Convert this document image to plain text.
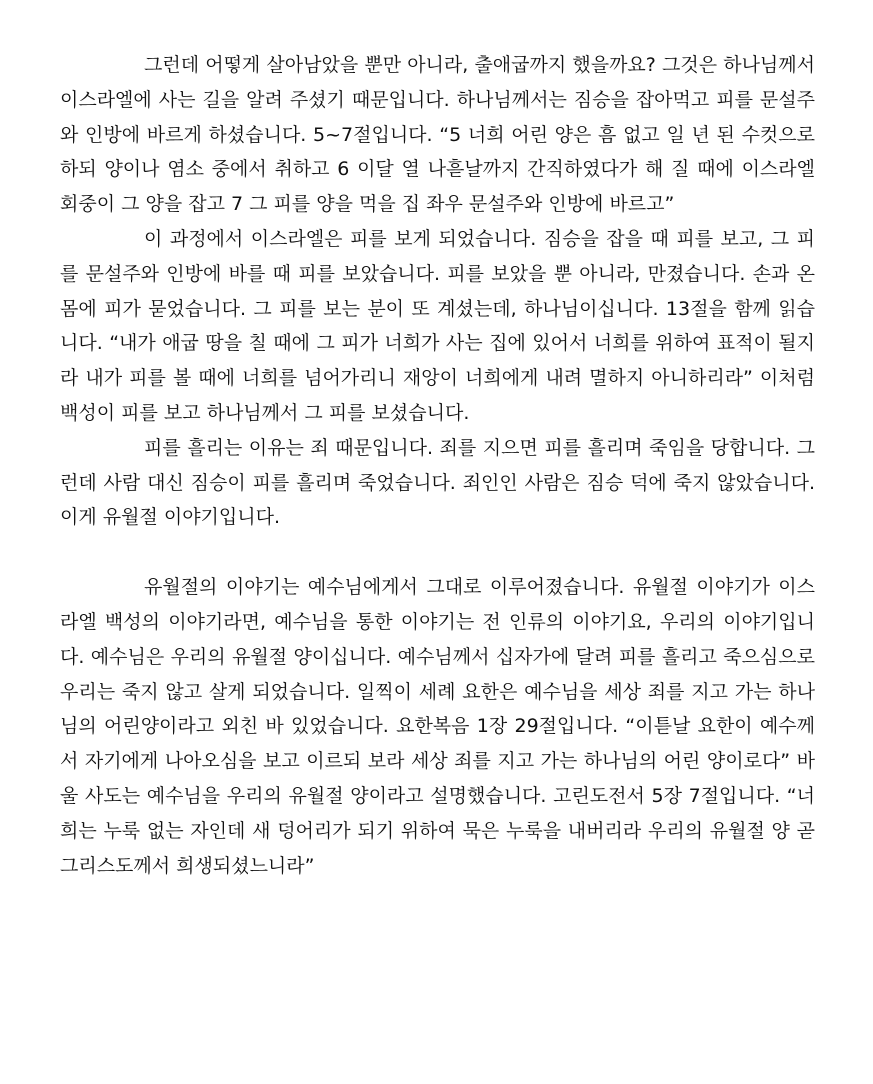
그런데 어떻게 살아남았을 뿐만 아니라, 출애굽까지 했을까요? 그것은 하나님께서 이스라엘에 사는 길을 알려 주셨기 때문입니다. 하나님께서는 짐승을 잡아먹고 피를 문설주와 인방에 바르게 하셨습니다. 5~7절입니다. “5 너희 어린 양은 흠 없고 일 년 된 수컷으로 하되 양이나 염소 중에서 취하고 6 이달 열 나흗날까지 간직하였다가 해 질 때에 이스라엘 회중이 그 양을 잡고 7 그 피를 양을 먹을 집 좌우 문설주와 인방에 바르고”

이 과정에서 이스라엘은 피를 보게 되었습니다. 짐승을 잡을 때 피를 보고, 그 피를 문설주와 인방에 바를 때 피를 보았습니다. 피를 보았을 뿐 아니라, 만졌습니다. 손과 온몸에 피가 묻었습니다. 그 피를 보는 분이 또 계셨는데, 하나님이십니다. 13절을 함께 읽습니다. “내가 애굽 땅을 칠 때에 그 피가 너희가 사는 집에 있어서 너희를 위하여 표적이 될지라 내가 피를 볼 때에 너희를 넘어가리니 재앙이 너희에게 내려 멸하지 아니하리라” 이처럼 백성이 피를 보고 하나님께서 그 피를 보셨습니다.

피를 흘리는 이유는 죄 때문입니다. 죄를 지으면 피를 흘리며 죽임을 당합니다. 그런데 사람 대신 짐승이 피를 흘리며 죽었습니다. 죄인인 사람은 짐승 덕에 죽지 않았습니다. 이게 유월절 이야기입니다.

유월절의 이야기는 예수님에게서 그대로 이루어졌습니다. 유월절 이야기가 이스라엘 백성의 이야기라면, 예수님을 통한 이야기는 전 인류의 이야기요, 우리의 이야기입니다. 예수님은 우리의 유월절 양이십니다. 예수님께서 십자가에 달려 피를 흘리고 죽으심으로 우리는 죽지 않고 살게 되었습니다. 일찍이 세례 요한은 예수님을 세상 죄를 지고 가는 하나님의 어린양이라고 외친 바 있었습니다. 요한복음 1장 29절입니다. “이튿날 요한이 예수께서 자기에게 나아오심을 보고 이르되 보라 세상 죄를 지고 가는 하나님의 어린 양이로다” 바울 사도는 예수님을 우리의 유월절 양이라고 설명했습니다. 고린도전서 5장 7절입니다. “너희는 누룩 없는 자인데 새 덩어리가 되기 위하여 묵은 누룩을 내버리라 우리의 유월절 양 곧 그리스도께서 희생되셨느니라”
